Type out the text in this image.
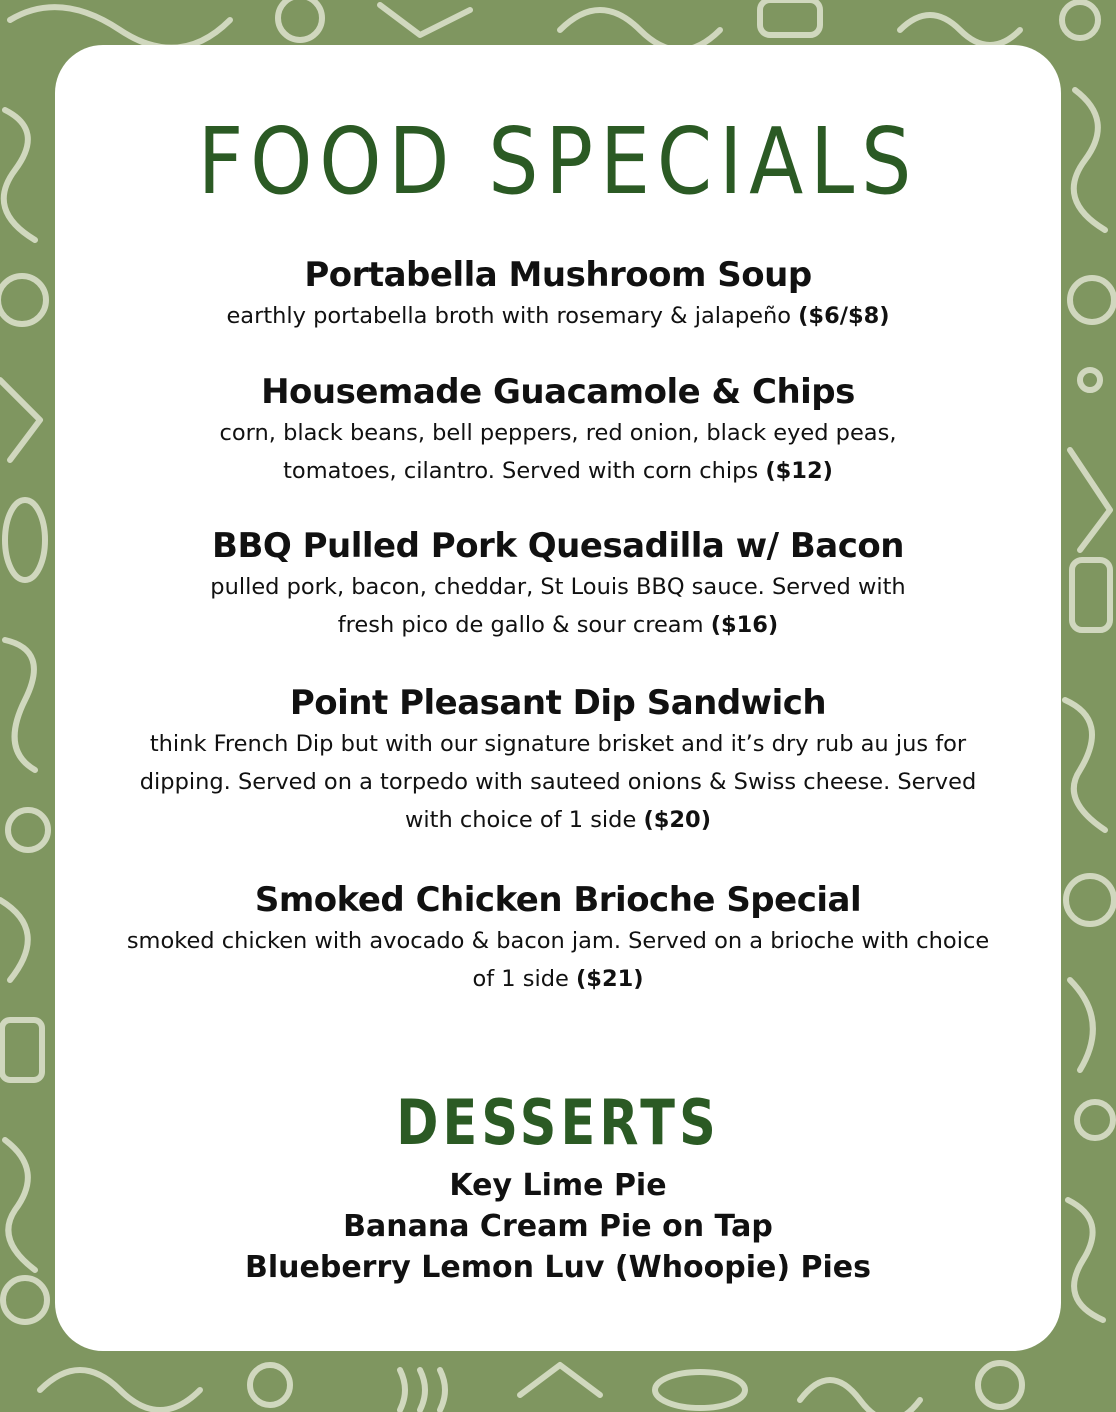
FOOD SPECIALS
Portabella Mushroom Soup
earthly portabella broth with rosemary & jalapeño ($6/$8)
Housemade Guacamole & Chips
corn, black beans, bell peppers, red onion, black eyed peas,
tomatoes, cilantro. Served with corn chips ($12)
BBQ Pulled Pork Quesadilla w/ Bacon
pulled pork, bacon, cheddar, St Louis BBQ sauce. Served with
fresh pico de gallo & sour cream ($16)
Point Pleasant Dip Sandwich
think French Dip but with our signature brisket and it’s dry rub au jus for
dipping. Served on a torpedo with sauteed onions & Swiss cheese. Served
with choice of 1 side ($20)
Smoked Chicken Brioche Special
smoked chicken with avocado & bacon jam. Served on a brioche with choice
of 1 side ($21)
DESSERTS
Key Lime Pie
Banana Cream Pie on Tap
Blueberry Lemon Luv (Whoopie) Pies
